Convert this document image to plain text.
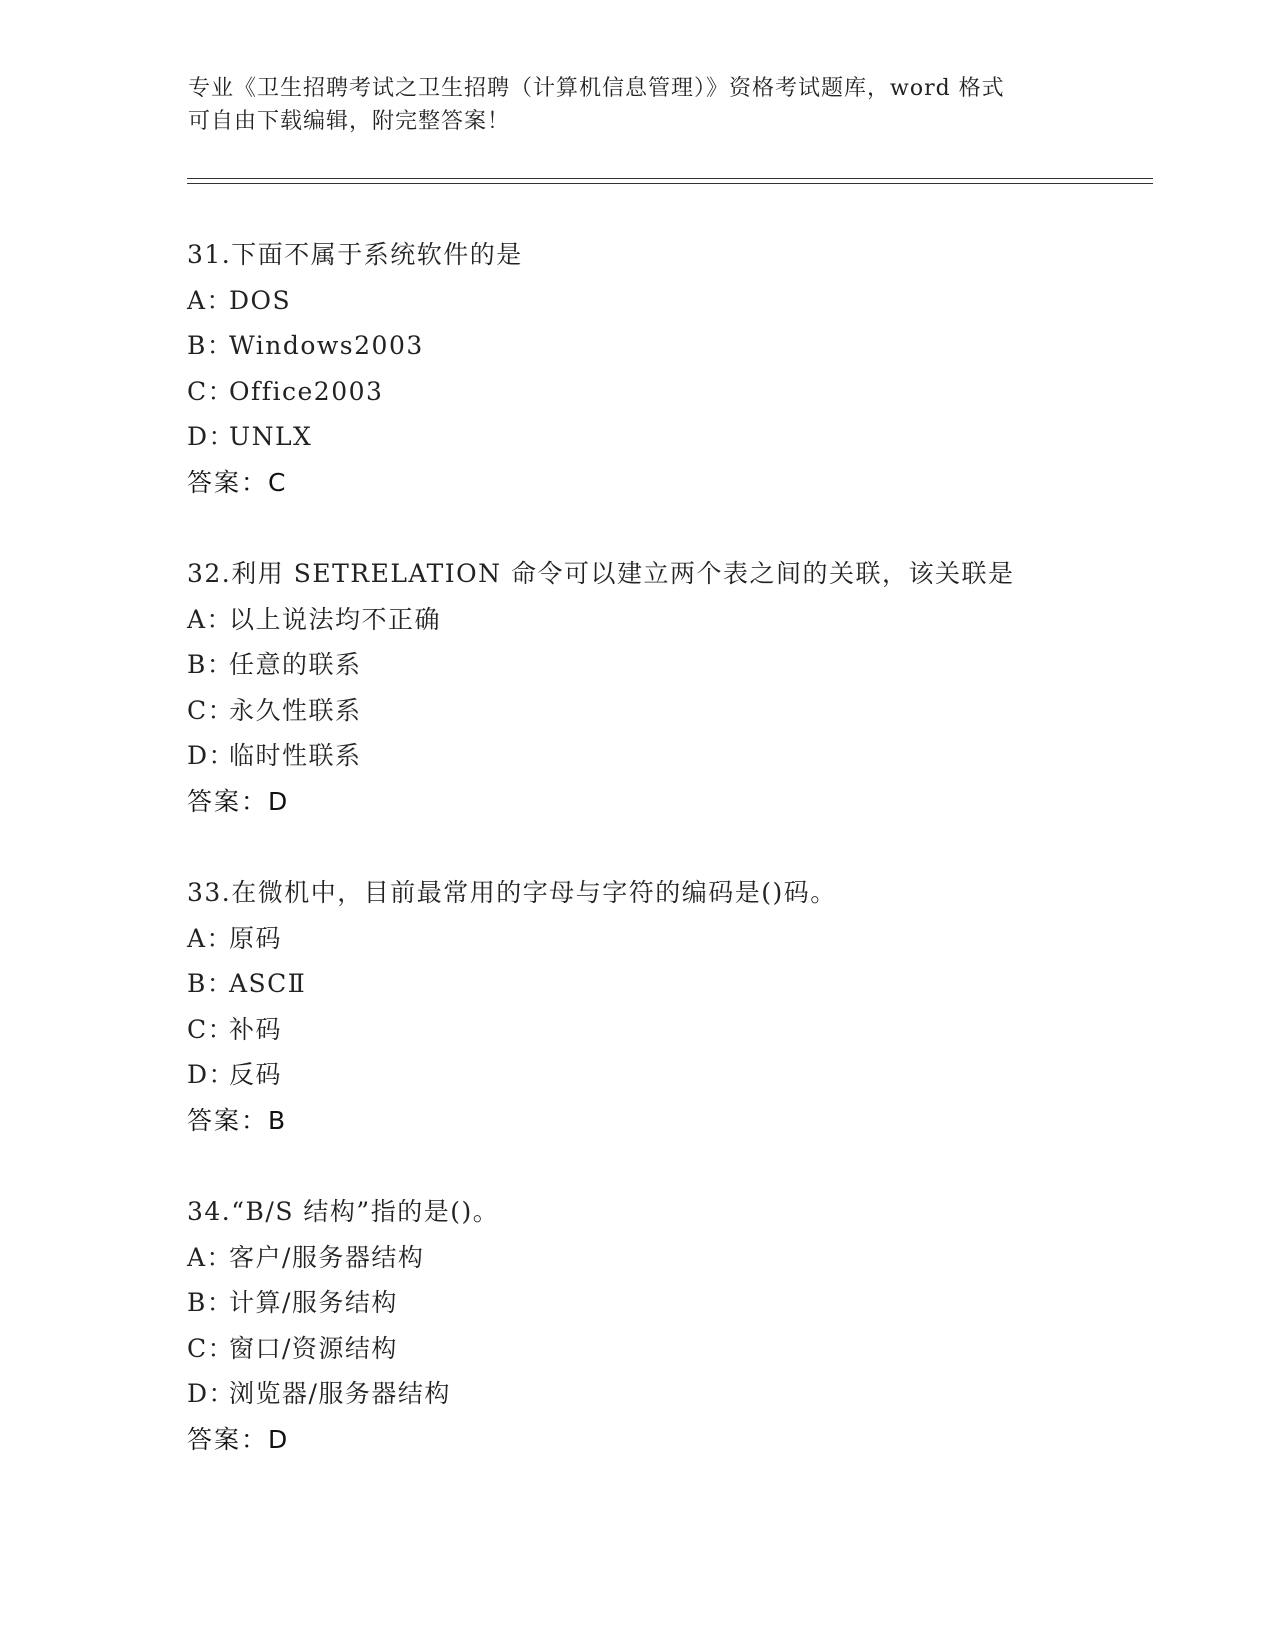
专业《卫生招聘考试之卫生招聘（计算机信息管理）》资格考试题库，word 格式
可自由下载编辑，附完整答案！
31.下面不属于系统软件的是
A：DOS
B：Windows2003
C：Office2003
D：UNLX
答案：C
32.利用 SETRELATION 命令可以建立两个表之间的关联，该关联是
A：以上说法均不正确
B：任意的联系
C：永久性联系
D：临时性联系
答案：D
33.在微机中，目前最常用的字母与字符的编码是()码。
A：原码
B：ASCⅡ
C：补码
D：反码
答案：B
34.“B/S 结构”指的是()。
A：客户/服务器结构
B：计算/服务结构
C：窗口/资源结构
D：浏览器/服务器结构
答案：D
